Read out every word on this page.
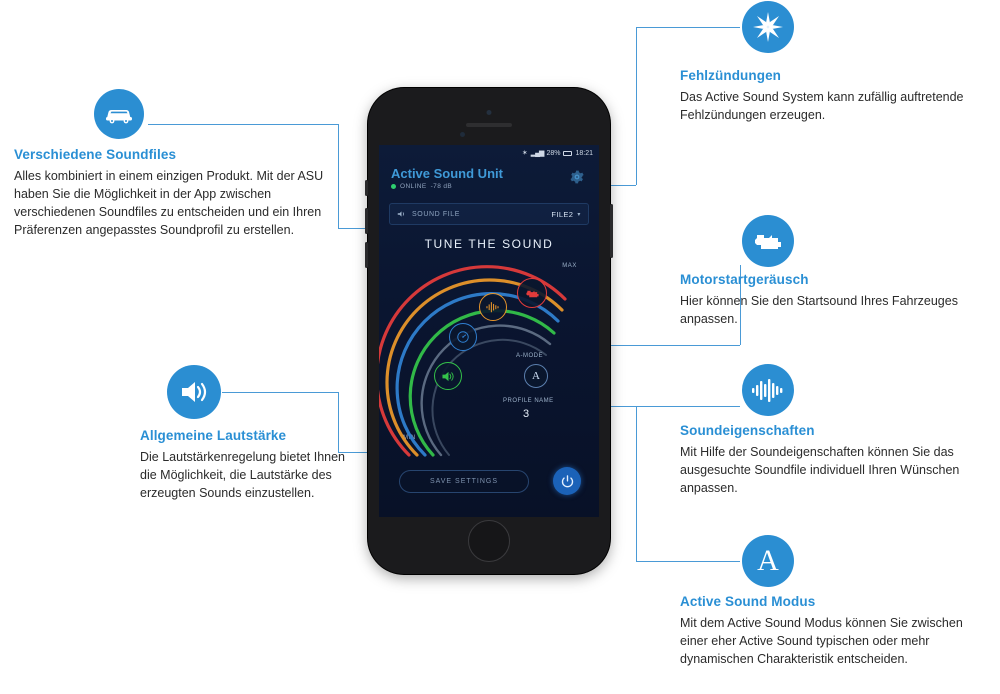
A
Verschiedene Soundfiles
Alles kombiniert in einem einzigen Produkt. Mit der ASU haben Sie die Möglichkeit in der App zwischen verschiedenen Soundfiles zu entscheiden und ein Ihren Präferenzen angepasstes Soundprofil zu erstellen.
Allgemeine Lautstärke
Die Lautstärkenregelung bietet Ihnen die Möglichkeit, die Lautstärke des erzeugten Sounds einzustellen.
Fehlzündungen
Das Active Sound System kann zufällig auftretende Fehlzündungen erzeugen.
Motorstartgeräusch
Hier können Sie den Startsound Ihres Fahrzeuges anpassen.
Soundeigenschaften
Mit Hilfe der Soundeigenschaften können Sie das ausgesuchte Soundfile individuell Ihren Wünschen anpassen.
Active Sound Modus
Mit dem Active Sound Modus können Sie zwischen einer eher Active Sound typischen oder mehr dynamischen Charakteristik entscheiden.
✶ ▂▄▆ 28% 18:21
Active Sound Unit
ONLINE -78 dB
SOUND FILE	FILE2 ▾
TUNE THE SOUND
MAX
MIN
A-MODE
A
PROFILE NAME
3
SAVE SETTINGS
